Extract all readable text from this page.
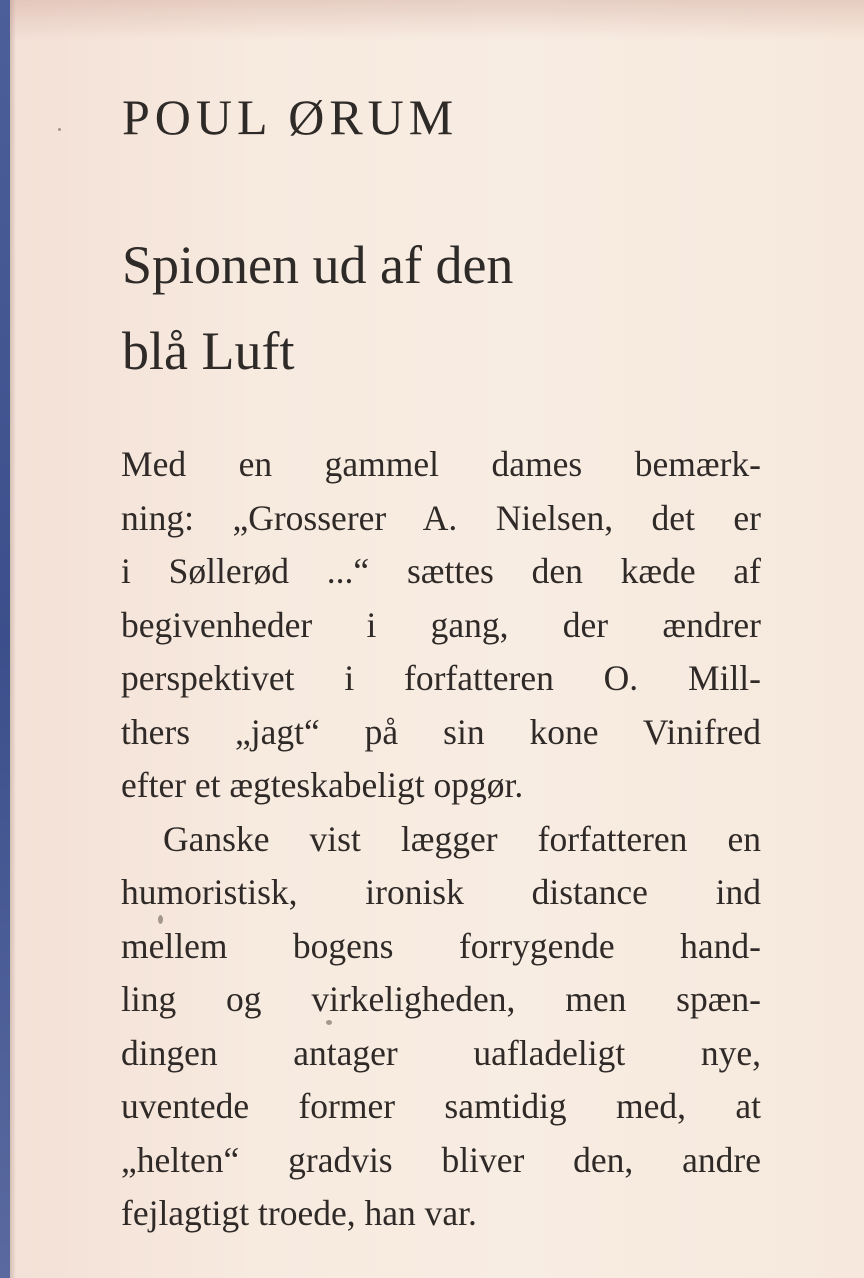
POUL ØRUM
Spionen ud af den
blå Luft
Med en gammel dames bemærk-
ning: „Grosserer A. Nielsen, det er
i Søllerød ...“ sættes den kæde af
begivenheder i gang, der ændrer
perspektivet i forfatteren O. Mill-
thers „jagt“ på sin kone Vinifred
efter et ægteskabeligt opgør.
Ganske vist lægger forfatteren en
humoristisk, ironisk distance ind
mellem bogens forrygende hand-
ling og virkeligheden, men spæn-
dingen antager uafladeligt nye,
uventede former samtidig med, at
„helten“ gradvis bliver den, andre
fejlagtigt troede, han var.
